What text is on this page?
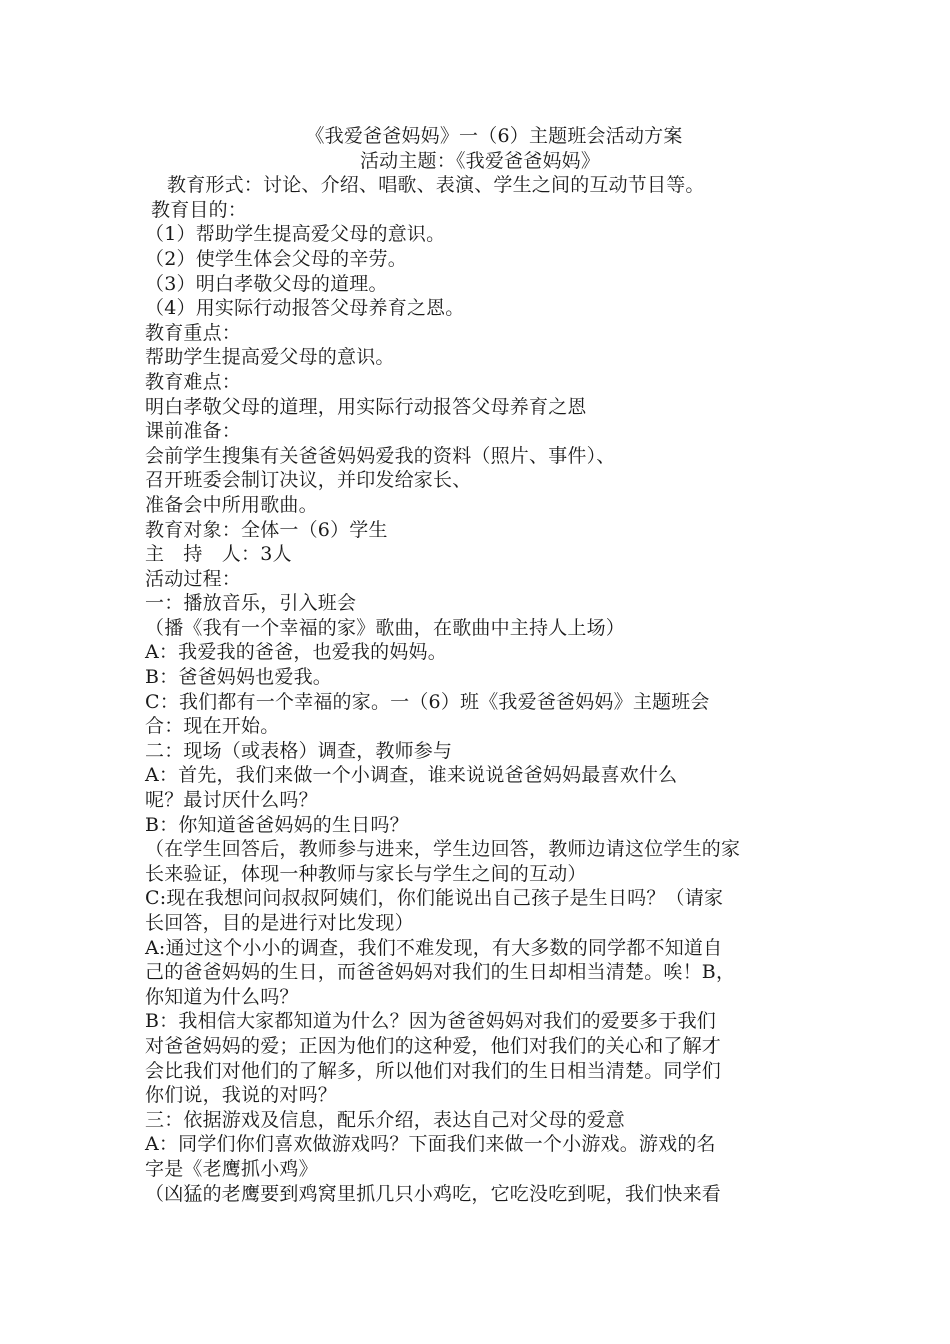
《我爱爸爸妈妈》一（6）主题班会活动方案
活动主题：《我爱爸爸妈妈》
教育形式：讨论、介绍、唱歌、表演、学生之间的互动节目等。
教育目的：
（1）帮助学生提高爱父母的意识。
（2）使学生体会父母的辛劳。
（3）明白孝敬父母的道理。
（4）用实际行动报答父母养育之恩。
教育重点：
帮助学生提高爱父母的意识。
教育难点：
明白孝敬父母的道理，用实际行动报答父母养育之恩
课前准备：
会前学生搜集有关爸爸妈妈爱我的资料（照片、事件）、
召开班委会制订决议，并印发给家长、
准备会中所用歌曲。
教育对象：全体一（6）学生
主　持　人：3人
活动过程：
一：播放音乐，引入班会
（播《我有一个幸福的家》歌曲，在歌曲中主持人上场）
A：我爱我的爸爸，也爱我的妈妈。
B：爸爸妈妈也爱我。
C：我们都有一个幸福的家。一（6）班《我爱爸爸妈妈》主题班会
合：现在开始。
二：现场（或表格）调查，教师参与
A：首先，我们来做一个小调查，谁来说说爸爸妈妈最喜欢什么
呢？最讨厌什么吗？
B：你知道爸爸妈妈的生日吗？
（在学生回答后，教师参与进来，学生边回答，教师边请这位学生的家
长来验证，体现一种教师与家长与学生之间的互动）
C:现在我想问问叔叔阿姨们，你们能说出自己孩子是生日吗？（请家
长回答，目的是进行对比发现）
A:通过这个小小的调查，我们不难发现，有大多数的同学都不知道自
己的爸爸妈妈的生日，而爸爸妈妈对我们的生日却相当清楚。唉！B，
你知道为什么吗？
B：我相信大家都知道为什么？因为爸爸妈妈对我们的爱要多于我们
对爸爸妈妈的爱；正因为他们的这种爱，他们对我们的关心和了解才
会比我们对他们的了解多，所以他们对我们的生日相当清楚。同学们
你们说，我说的对吗？
三：依据游戏及信息，配乐介绍，表达自己对父母的爱意
A：同学们你们喜欢做游戏吗？下面我们来做一个小游戏。游戏的名
字是《老鹰抓小鸡》
（凶猛的老鹰要到鸡窝里抓几只小鸡吃，它吃没吃到呢，我们快来看
